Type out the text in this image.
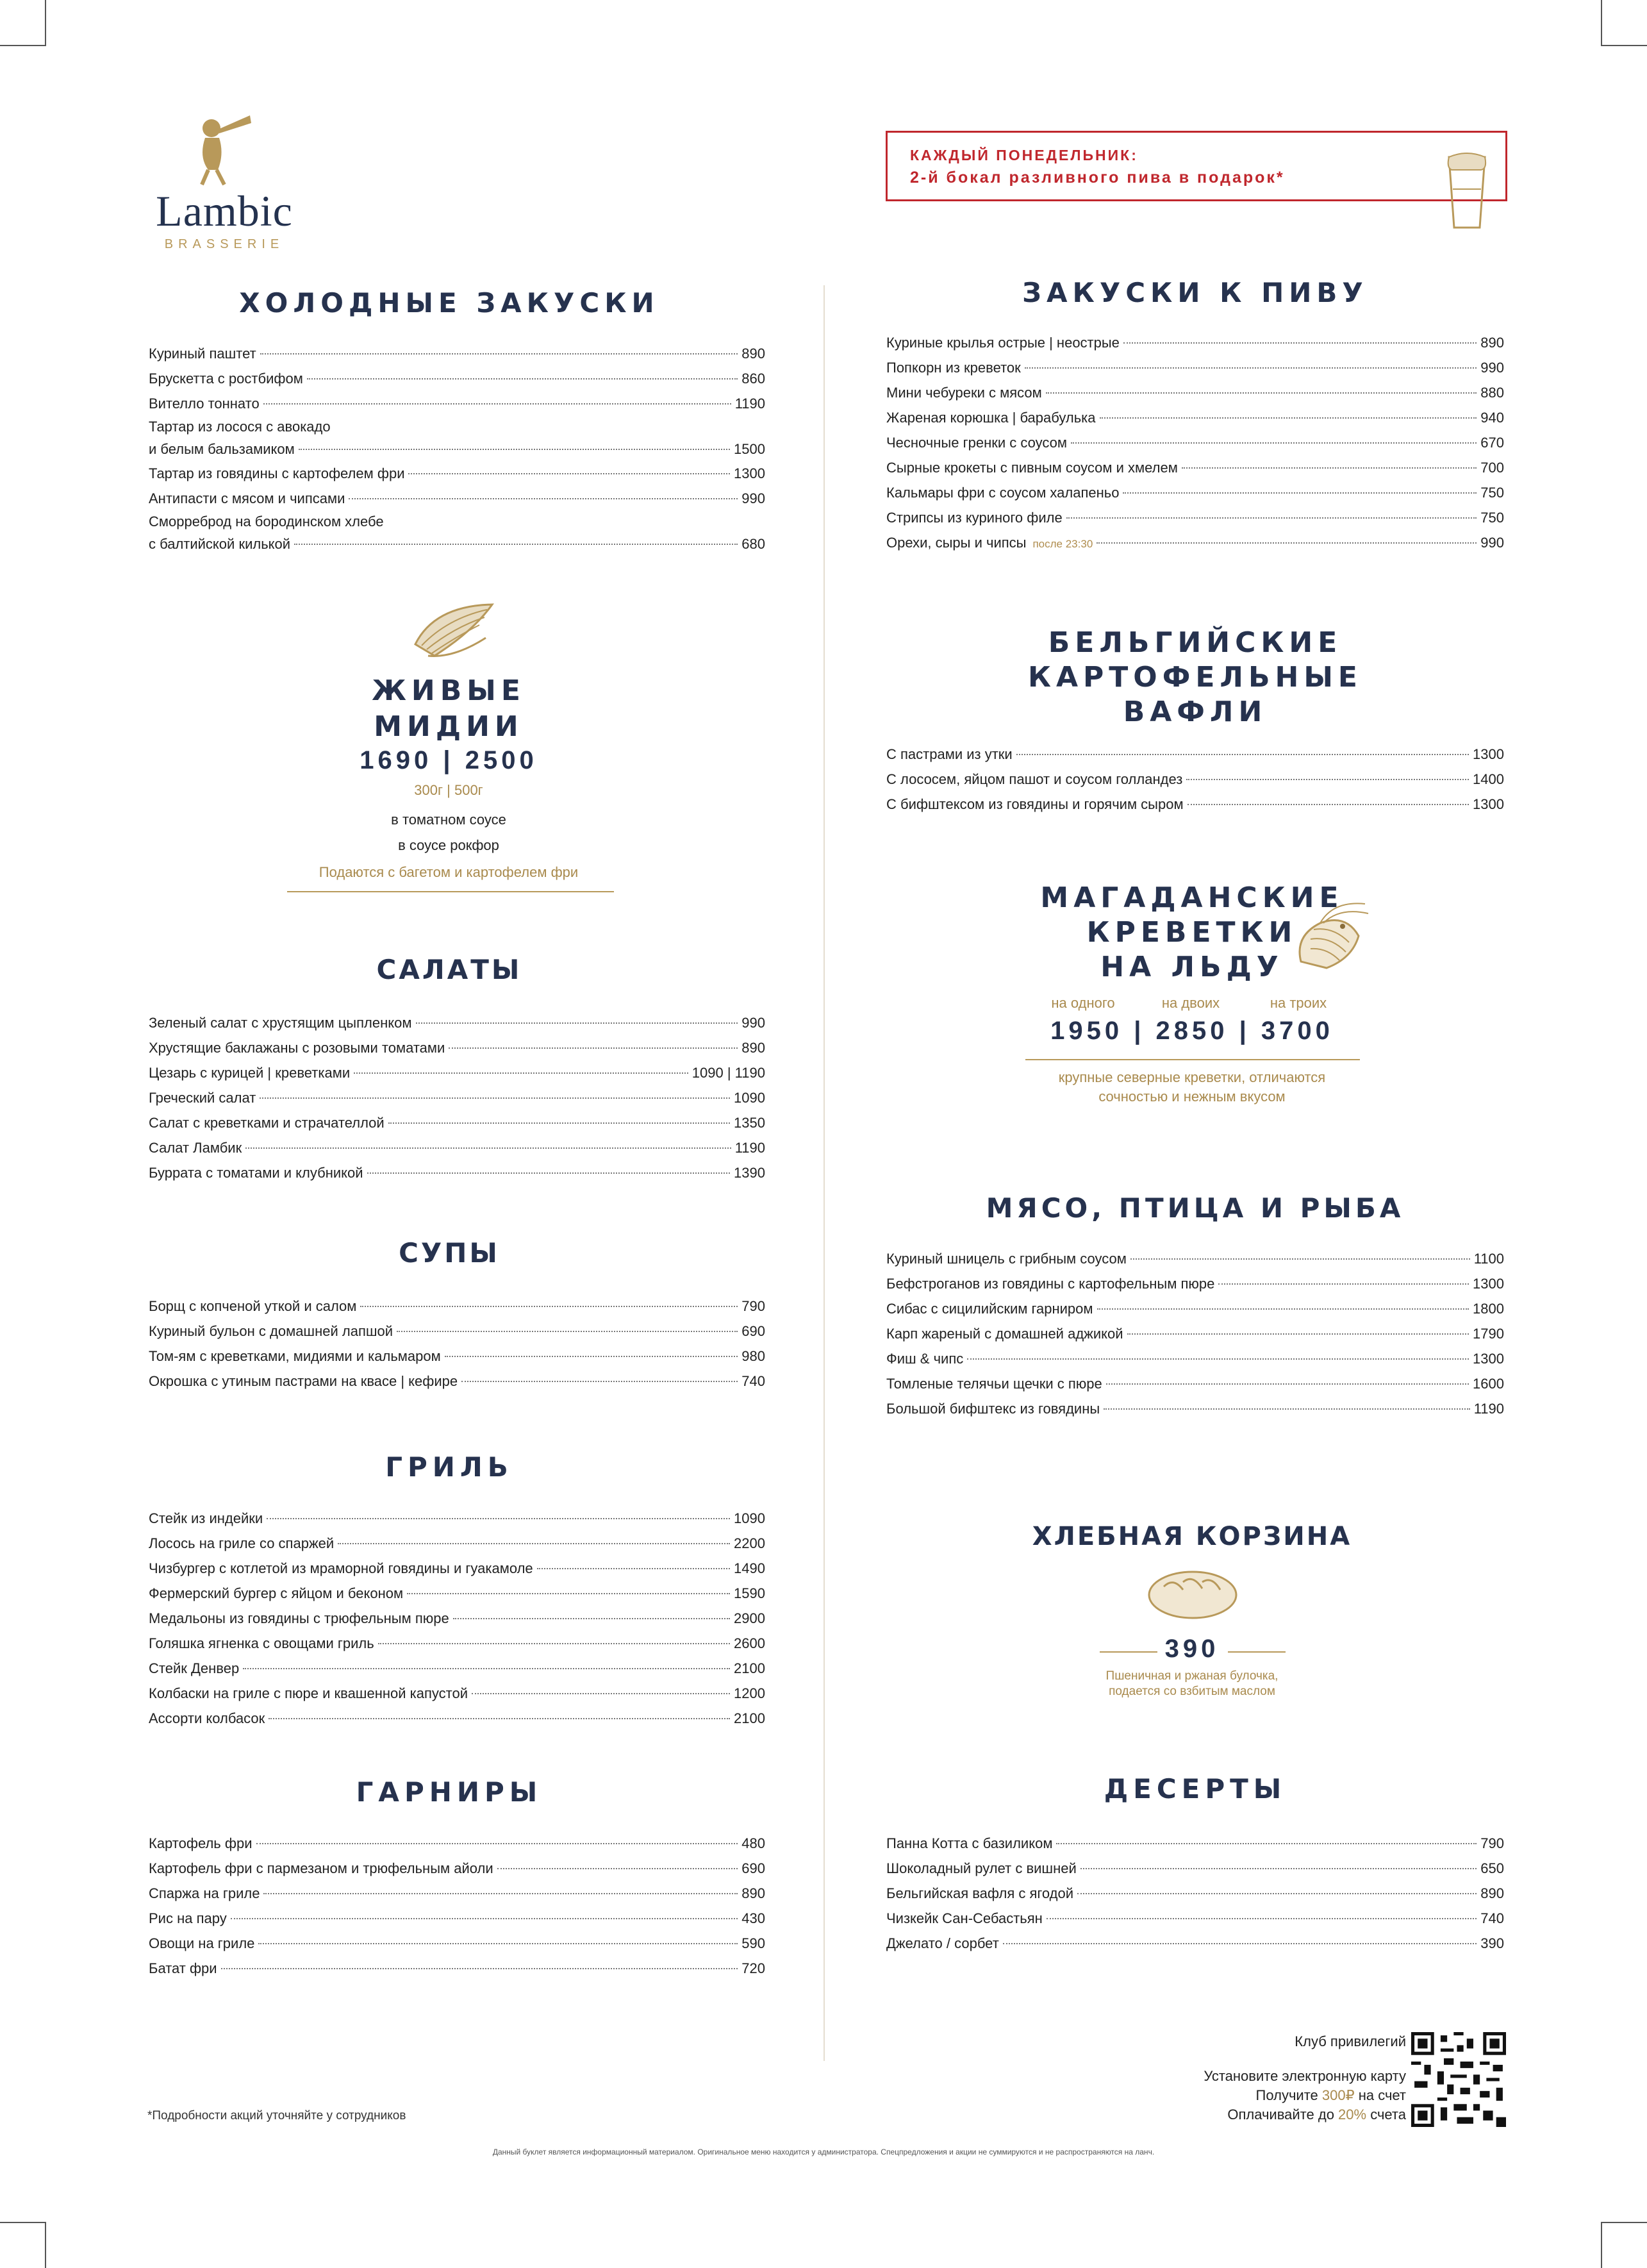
Lambic
BRASSERIE
КАЖДЫЙ ПОНЕДЕЛЬНИК:
2-й бокал разливного пива в подарок*
ХОЛОДНЫЕ ЗАКУСКИ
Куриный паштет	890
Брускетта с ростбифом	860
Вителло тоннато	1190
Тартар из лосося с авокадо
и белым бальзамиком	1500
Тартар из говядины с картофелем фри	1300
Антипасти с мясом и чипсами	990
Сморреброд на бородинском хлебе
с балтийской килькой	680
ЖИВЫЕ
МИДИИ
1690 | 2500
300г | 500г
в томатном соусе
в соусе рокфор
Подаются с багетом и картофелем фри
САЛАТЫ
Зеленый салат с хрустящим цыпленком	990
Хрустящие баклажаны с розовыми томатами	890
Цезарь с курицей | креветками	1090 | 1190
Греческий салат	1090
Салат с креветками и страчателлой	1350
Салат Ламбик	1190
Буррата с томатами и клубникой	1390
СУПЫ
Борщ с копченой уткой и салом	790
Куриный бульон с домашней лапшой	690
Том-ям с креветками, мидиями и кальмаром	980
Окрошка с утиным пастрами на квасе | кефире	740
ГРИЛЬ
Стейк из индейки	1090
Лосось на гриле со спаржей	2200
Чизбургер с котлетой из мраморной говядины и гуакамоле	1490
Фермерский бургер с яйцом и беконом	1590
Медальоны из говядины с трюфельным пюре	2900
Голяшка ягненка с овощами гриль	2600
Стейк Денвер	2100
Колбаски на гриле с пюре и квашенной капустой	1200
Ассорти колбасок	2100
ГАРНИРЫ
Картофель фри	480
Картофель фри с пармезаном и трюфельным айоли	690
Спаржа на гриле	890
Рис на пару	430
Овощи на гриле	590
Батат фри	720
ЗАКУСКИ К ПИВУ
Куриные крылья острые | неострые	890
Попкорн из креветок	990
Мини чебуреки с мясом	880
Жареная корюшка | барабулька	940
Чесночные гренки с соусом	670
Сырные крокеты с пивным соусом и хмелем	700
Кальмары фри с соусом халапеньо	750
Стрипсы из куриного филе	750
Орехи, сыры и чипсы после 23:30	990
БЕЛЬГИЙСКИЕ
КАРТОФЕЛЬНЫЕ
ВАФЛИ
С пастрами из утки	1300
С лососем, яйцом пашот и соусом голландез	1400
С бифштексом из говядины и горячим сыром	1300
МАГАДАНСКИЕ
КРЕВЕТКИ
НА ЛЬДУ
на одного	на двоих	на троих
1950 | 2850 | 3700
крупные северные креветки, отличаются
сочностью и нежным вкусом
МЯСО, ПТИЦА И РЫБА
Куриный шницель с грибным соусом	1100
Бефстроганов из говядины с картофельным пюре	1300
Сибас с сицилийским гарниром	1800
Карп жареный с домашней аджикой	1790
Фиш & чипс	1300
Томленые телячьи щечки с пюре	1600
Большой бифштекс из говядины	1190
ХЛЕБНАЯ КОРЗИНА
390
Пшеничная и ржаная булочка,
подается со взбитым маслом
ДЕСЕРТЫ
Панна Котта с базиликом	790
Шоколадный рулет с вишней	650
Бельгийская вафля с ягодой	890
Чизкейк Сан-Себастьян	740
Джелато / сорбет	390
Клуб привилегий
Установите электронную карту
Получите 300₽ на счет
Оплачивайте до 20% счета
*Подробности акций уточняйте у сотрудников
Данный буклет является информационный материалом. Оригинальное меню находится у администратора. Спецпредложения и акции не суммируются и не распространяются на ланч.
